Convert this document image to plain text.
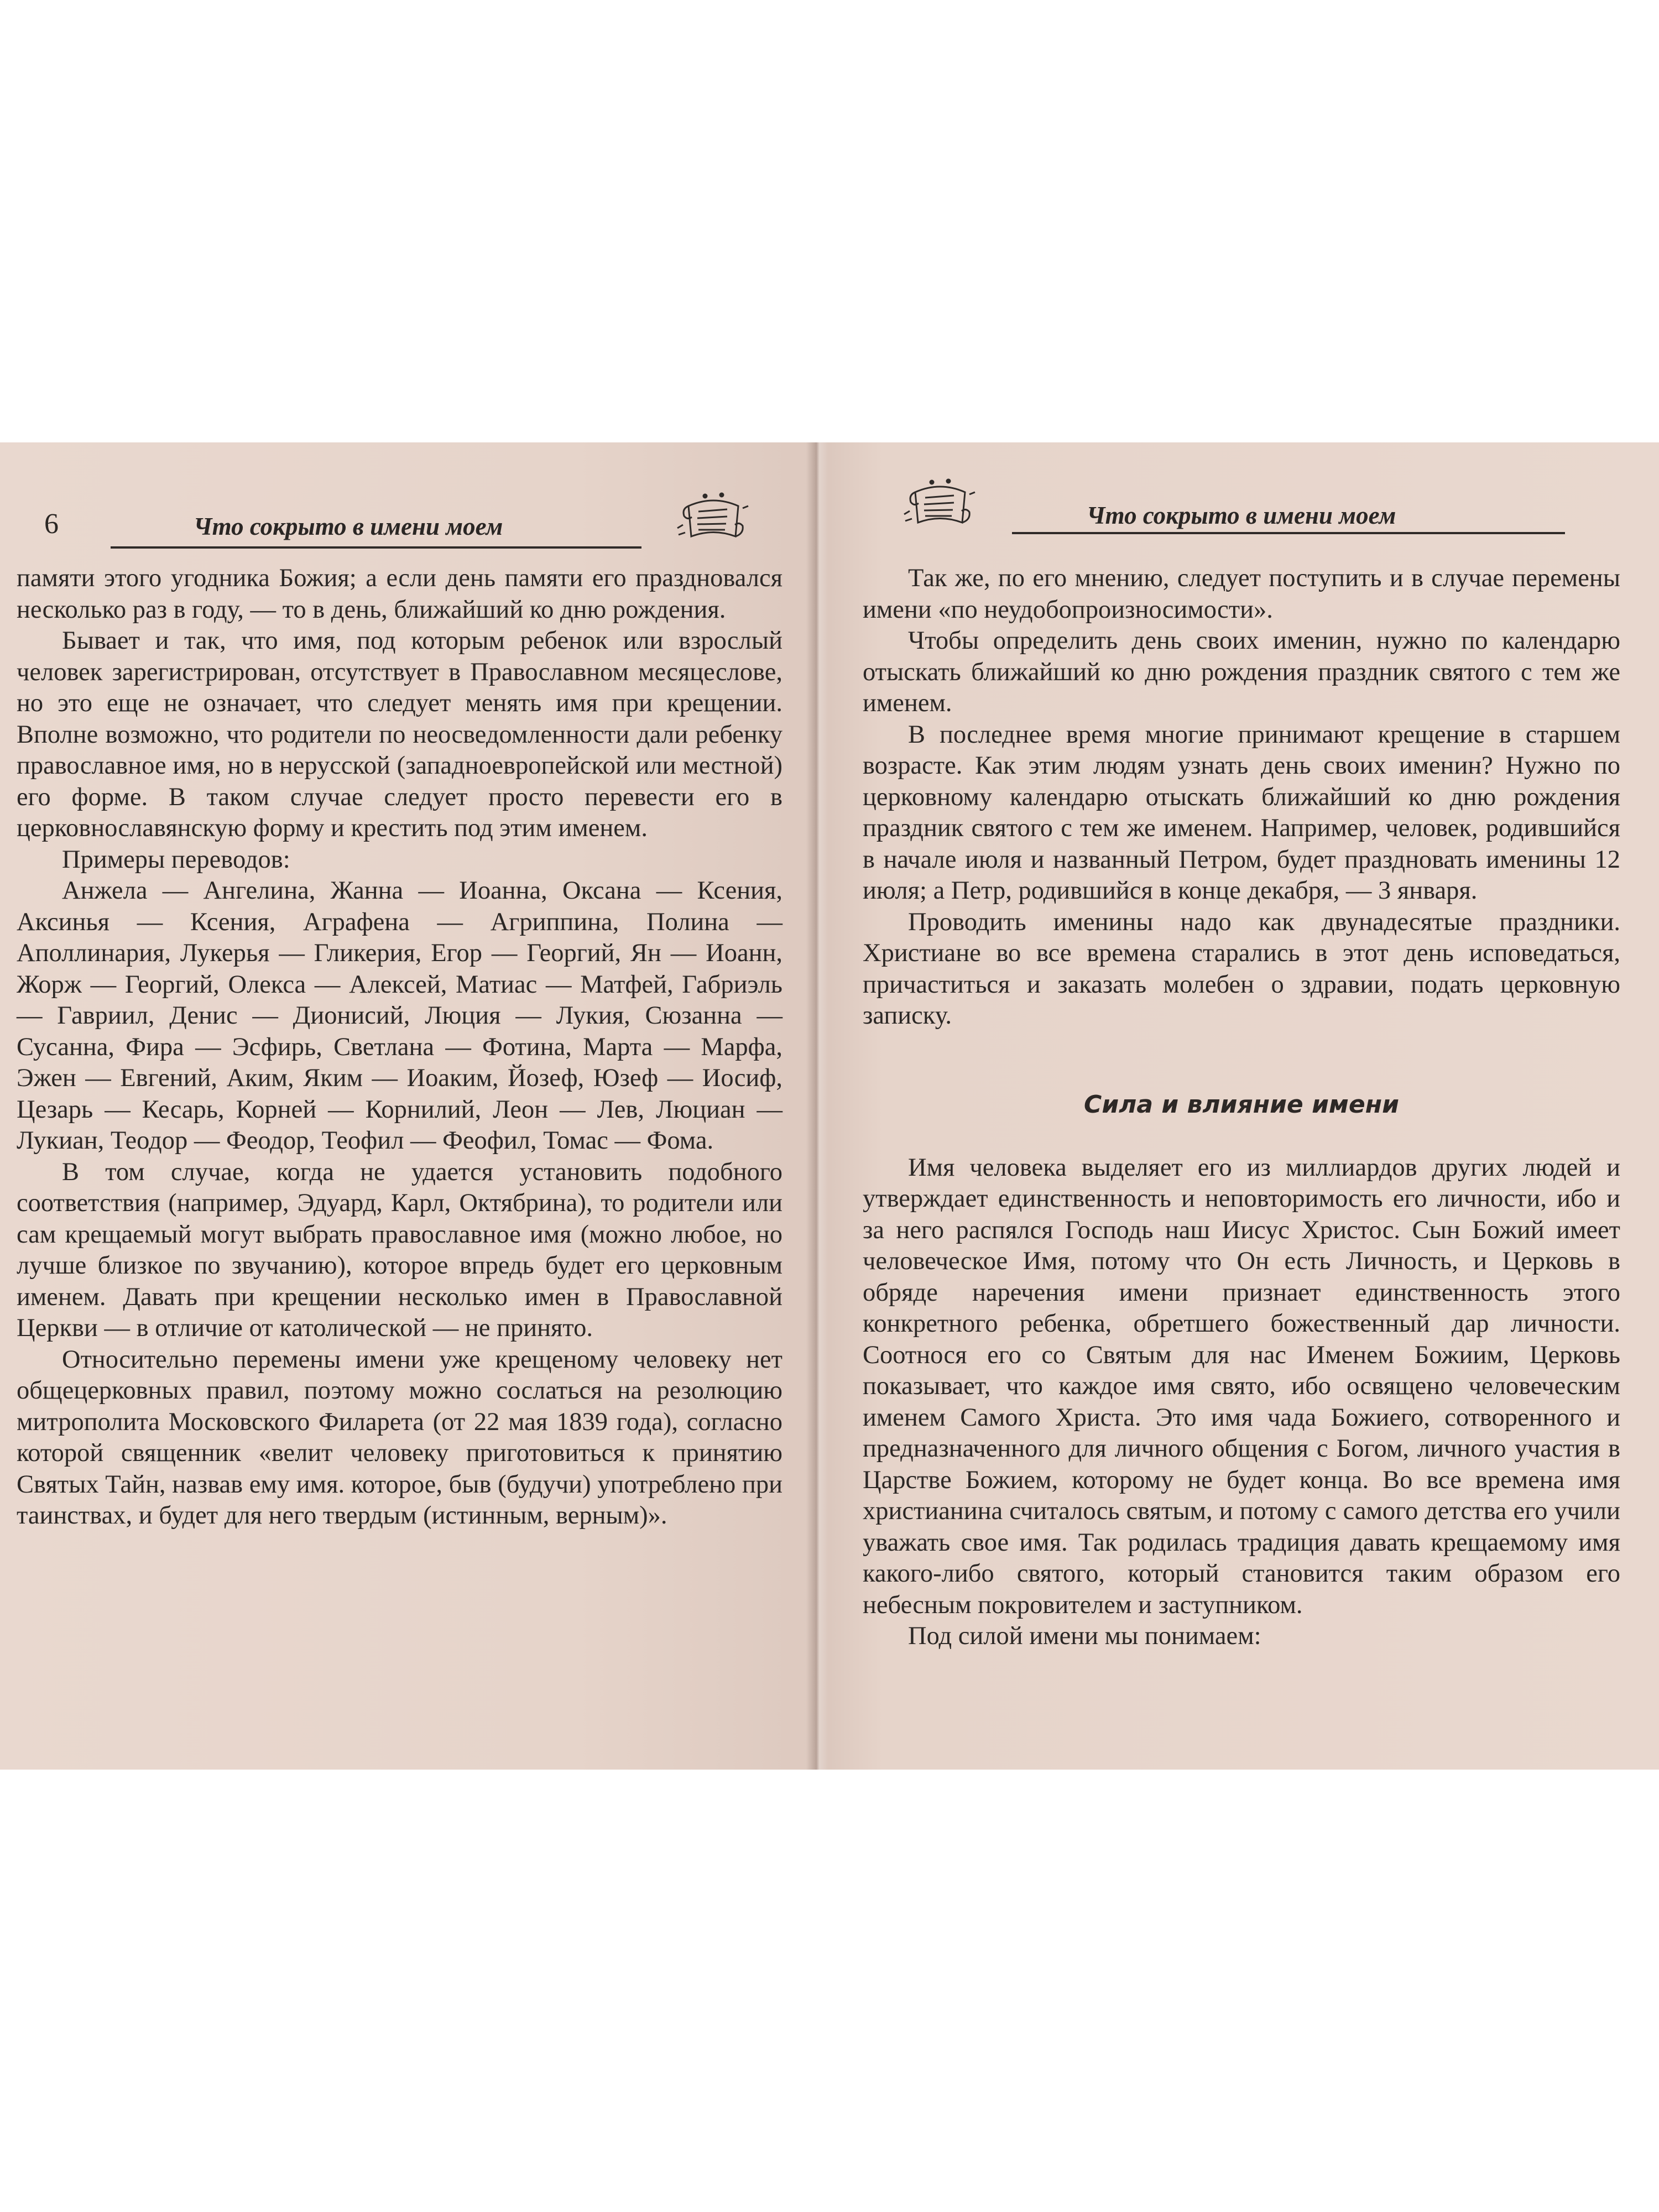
6	Что сокрыто в имени моем

памяти этого угодника Божия; а если день памяти его праздновался несколько раз в году, — то в день, ближайший ко дню рождения.

Бывает и так, что имя, под которым ребенок или взрослый человек зарегистрирован, отсутствует в Православном месяцеслове, но это еще не означает, что следует менять имя при крещении. Вполне возможно, что родители по неосведомленности дали ребенку православное имя, но в нерусской (западноевропейской или местной) его форме. В таком случае следует просто перевести его в церковнославянскую форму и крестить под этим именем.

Примеры переводов:

Анжела — Ангелина, Жанна — Иоанна, Оксана — Ксения, Аксинья — Ксения, Аграфена — Агриппина, Полина — Аполлинария, Лукерья — Гликерия, Егор — Георгий, Ян — Иоанн, Жорж — Георгий, Олекса — Алексей, Матиас — Матфей, Габриэль — Гавриил, Денис — Дионисий, Люция — Лукия, Сюзанна — Сусанна, Фира — Эсфирь, Светлана — Фотина, Марта — Марфа, Эжен — Евгений, Аким, Яким — Иоаким, Йозеф, Юзеф — Иосиф, Цезарь — Кесарь, Корней — Корнилий, Леон — Лев, Люциан — Лукиан, Теодор — Феодор, Теофил — Феофил, Томас — Фома.

В том случае, когда не удается установить подобного соответствия (например, Эдуард, Карл, Октябрина), то родители или сам крещаемый могут выбрать православное имя (можно любое, но лучше близкое по звучанию), которое впредь будет его церковным именем. Давать при крещении несколько имен в Православной Церкви — в отличие от католической — не принято.

Относительно перемены имени уже крещеному человеку нет общецерковных правил, поэтому можно сослаться на резолюцию митрополита Московского Филарета (от 22 мая 1839 года), согласно которой священник «велит человеку приготовиться к принятию Святых Тайн, назвав ему имя. которое, быв (будучи) употреблено при таинствах, и будет для него твердым (истинным, верным)».

Что сокрыто в имени моем

Так же, по его мнению, следует поступить и в случае перемены имени «по неудобопроизносимости».

Чтобы определить день своих именин, нужно по календарю отыскать ближайший ко дню рождения праздник святого с тем же именем.

В последнее время многие принимают крещение в старшем возрасте. Как этим людям узнать день своих именин? Нужно по церковному календарю отыскать ближайший ко дню рождения праздник святого с тем же именем. Например, человек, родившийся в начале июля и названный Петром, будет праздновать именины 12 июля; а Петр, родившийся в конце декабря, — 3 января.

Проводить именины надо как двунадесятые праздники. Христиане во все времена старались в этот день исповедаться, причаститься и заказать молебен о здравии, подать церковную записку.

Сила и влияние имени

Имя человека выделяет его из миллиардов других людей и утверждает единственность и неповторимость его личности, ибо и за него распялся Господь наш Иисус Христос. Сын Божий имеет человеческое Имя, потому что Он есть Личность, и Церковь в обряде наречения имени признает единственность этого конкретного ребенка, обретшего божественный дар личности. Соотнося его со Святым для нас Именем Божиим, Церковь показывает, что каждое имя свято, ибо освящено человеческим именем Самого Христа. Это имя чада Божиего, сотворенного и предназначенного для личного общения с Богом, личного участия в Царстве Божием, которому не будет конца. Во все времена имя христианина считалось святым, и потому с самого детства его учили уважать свое имя. Так родилась традиция давать крещаемому имя какого-либо святого, который становится таким образом его небесным покровителем и заступником.

Под силой имени мы понимаем:
